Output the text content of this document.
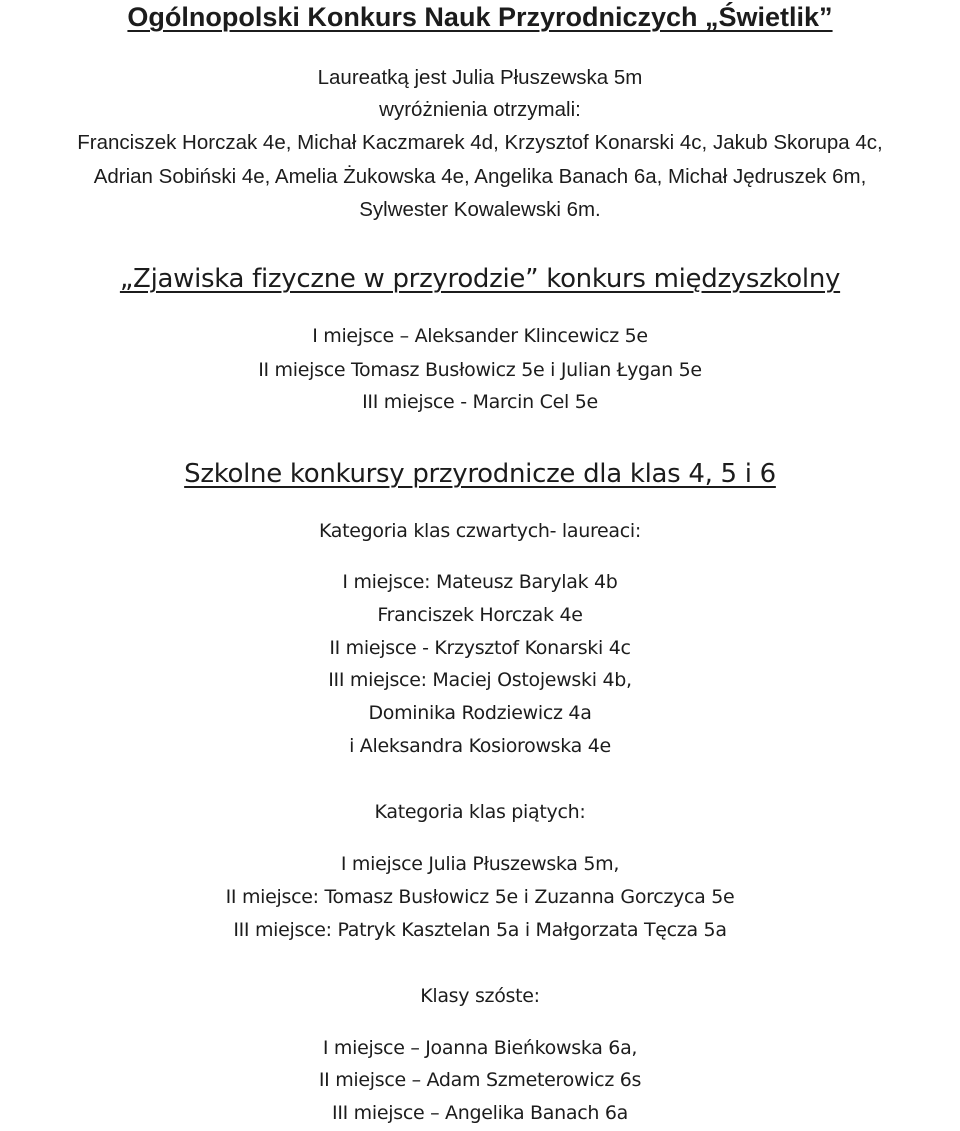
Ogólnopolski Konkurs Nauk Przyrodniczych „Świetlik”
Laureatką jest Julia Płuszewska 5m
wyróżnienia otrzymali:
Franciszek Horczak 4e, Michał Kaczmarek 4d, Krzysztof Konarski 4c, Jakub Skorupa 4c,
Adrian Sobiński 4e, Amelia Żukowska 4e, Angelika Banach 6a, Michał Jędruszek 6m,
Sylwester Kowalewski 6m.
„Zjawiska fizyczne w przyrodzie” konkurs międzyszkolny
I miejsce – Aleksander Klincewicz 5e
II miejsce Tomasz Busłowicz 5e i Julian Łygan 5e
III miejsce - Marcin Cel 5e
Szkolne konkursy przyrodnicze dla klas 4, 5 i 6
Kategoria klas czwartych- laureaci:
I miejsce: Mateusz Barylak 4b
Franciszek Horczak 4e
II miejsce - Krzysztof Konarski 4c
III miejsce: Maciej Ostojewski 4b,
Dominika Rodziewicz 4a
i Aleksandra Kosiorowska 4e
Kategoria klas piątych:
I miejsce Julia Płuszewska 5m,
II miejsce: Tomasz Busłowicz 5e i Zuzanna Gorczyca 5e
III miejsce: Patryk Kasztelan 5a i Małgorzata Tęcza 5a
Klasy szóste:
I miejsce – Joanna Bieńkowska 6a,
II miejsce – Adam Szmeterowicz 6s
III miejsce – Angelika Banach 6a
